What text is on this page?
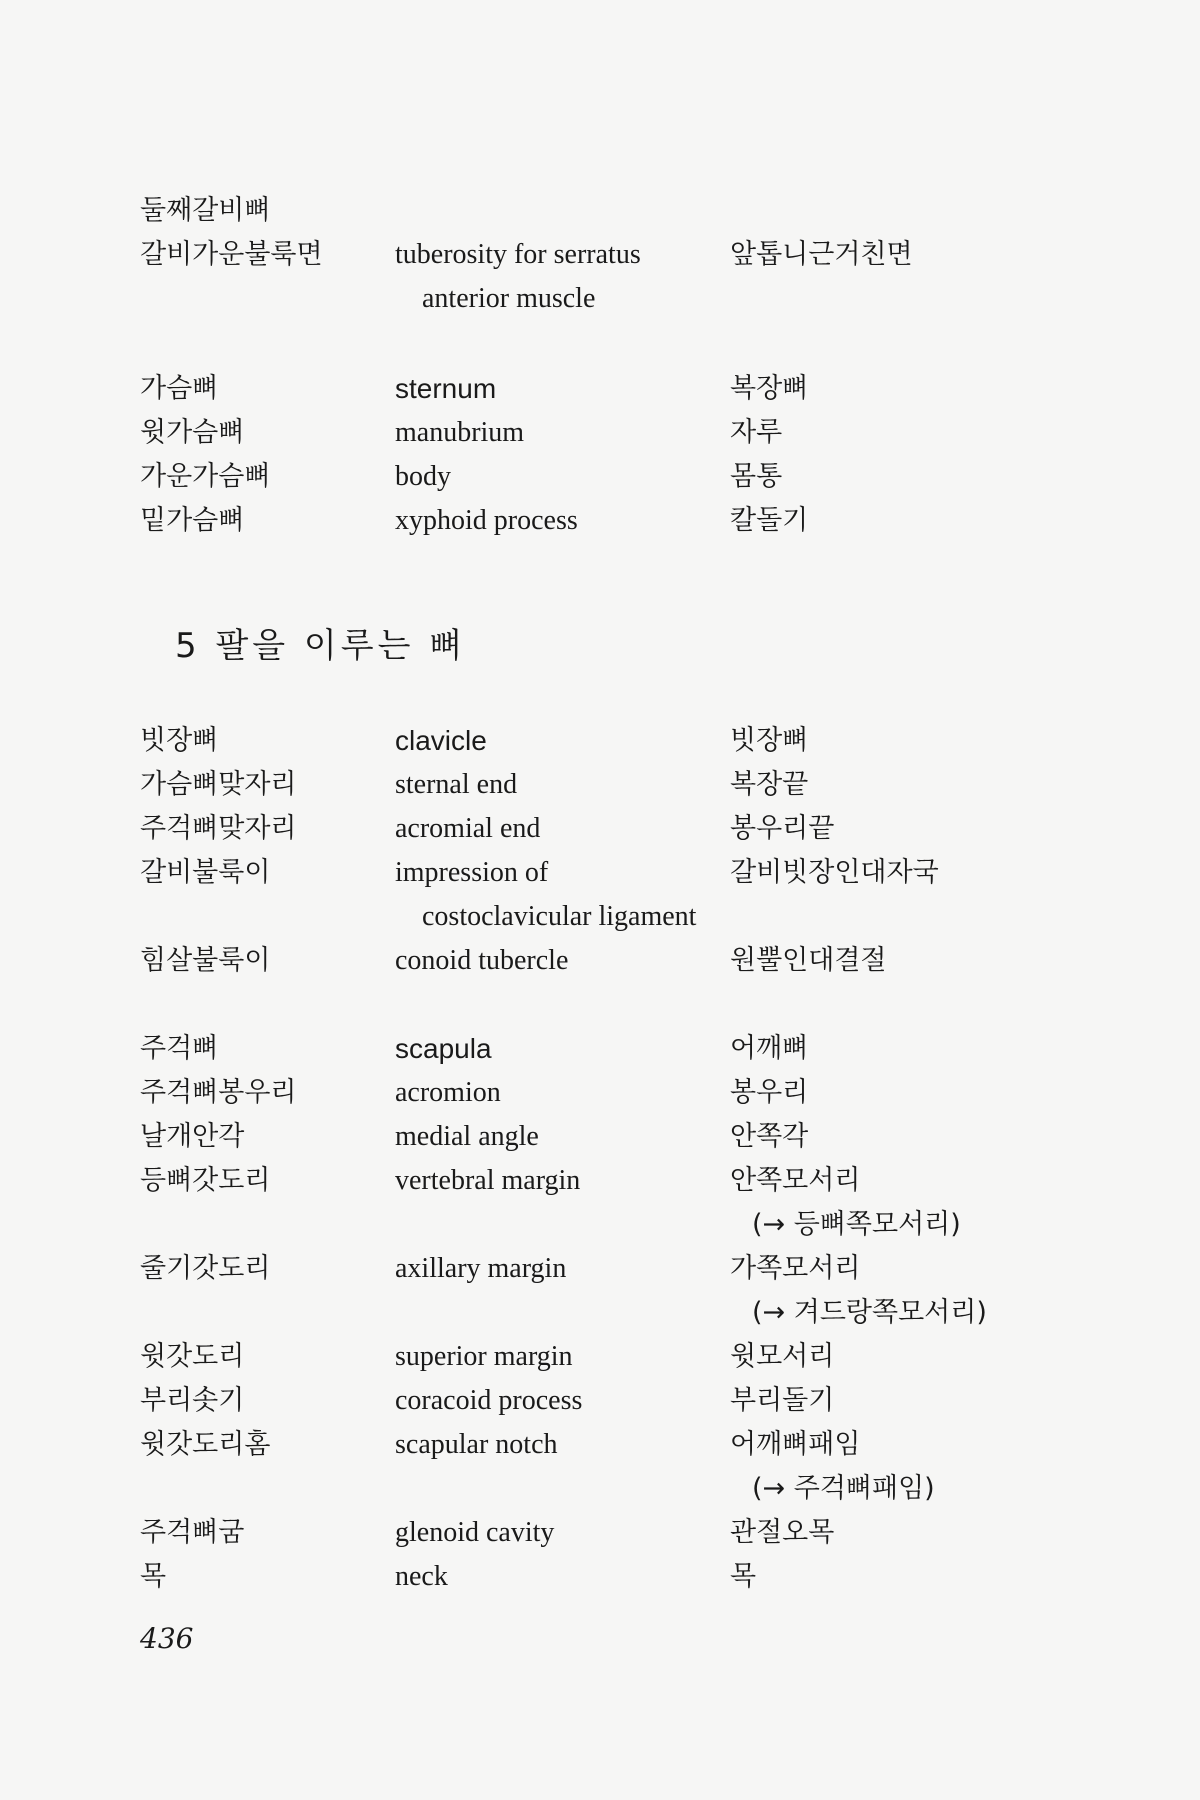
5 팔을 이루는 뼈
둘째갈비뼈
갈비가운불룩면	tuberosity for serratus	앞톱니근거친면
anterior muscle
가슴뼈	sternum	복장뼈
윗가슴뼈	manubrium	자루
가운가슴뼈	body	몸통
밑가슴뼈	xyphoid process	칼돌기
빗장뼈	clavicle	빗장뼈
가슴뼈맞자리	sternal end	복장끝
주걱뼈맞자리	acromial end	봉우리끝
갈비불룩이	impression of	갈비빗장인대자국
costoclavicular ligament
힘살불룩이	conoid tubercle	원뿔인대결절
주걱뼈	scapula	어깨뼈
주걱뼈봉우리	acromion	봉우리
날개안각	medial angle	안쪽각
등뼈갓도리	vertebral margin	안쪽모서리
(→ 등뼈쪽모서리)
줄기갓도리	axillary margin	가쪽모서리
(→ 겨드랑쪽모서리)
윗갓도리	superior margin	윗모서리
부리솟기	coracoid process	부리돌기
윗갓도리홈	scapular notch	어깨뼈패임
(→ 주걱뼈패임)
주걱뼈굼	glenoid cavity	관절오목
목	neck	목
436
